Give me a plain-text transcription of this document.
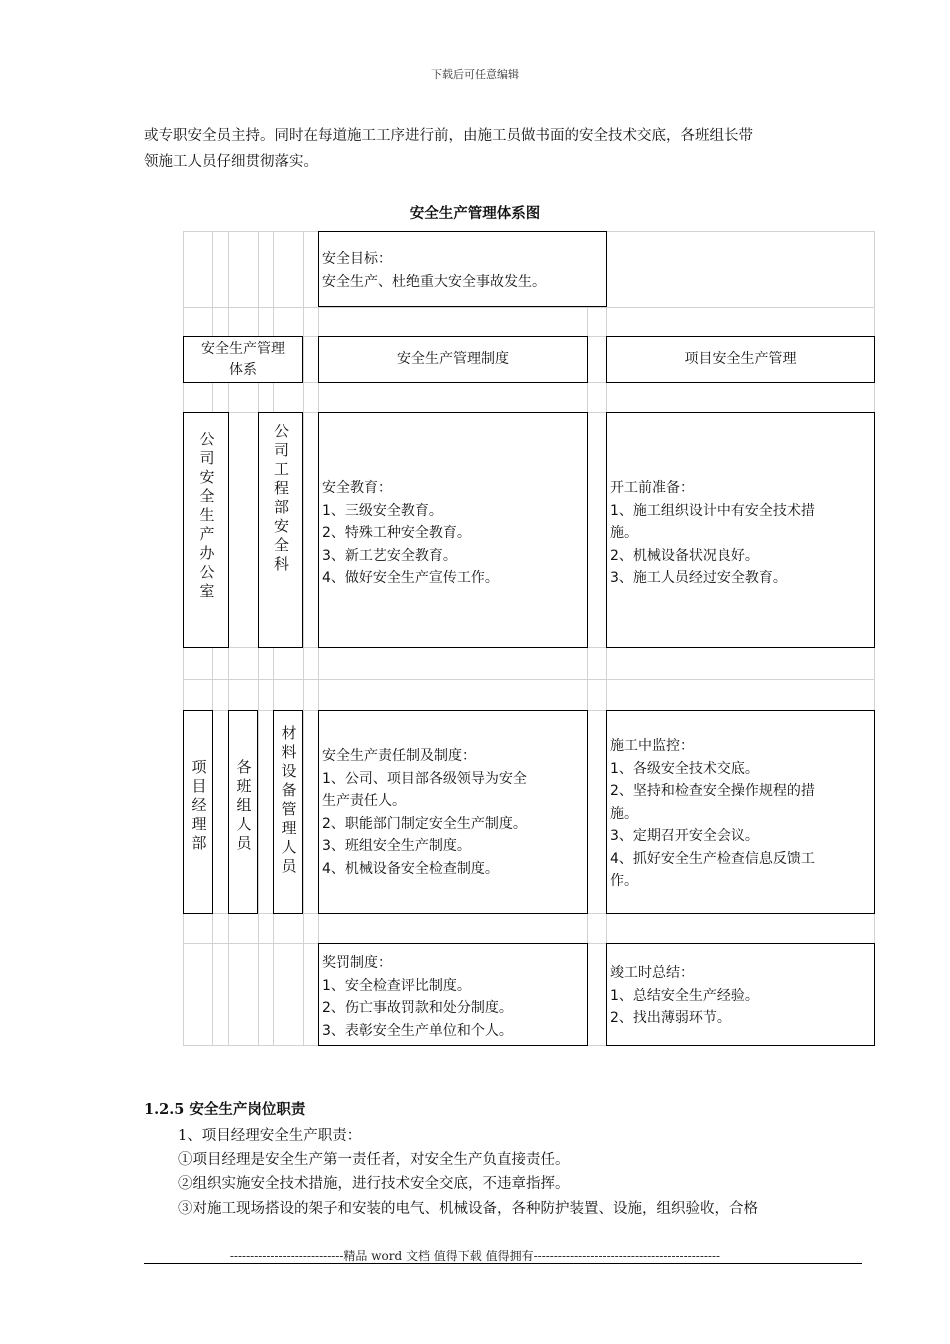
下载后可任意编辑
或专职安全员主持。同时在每道施工工序进行前，由施工员做书面的安全技术交底，各班组长带
领施工人员仔细贯彻落实。
安全生产管理体系图
安全目标：
安全生产、杜绝重大安全事故发生。
安全生产管理
体系
安全生产管理制度	项目安全生产管理
公司安全生产办公室	公司工程部安全科 安全教育：
1、三级安全教育。
2、特殊工种安全教育。
3、新工艺安全教育。
4、做好安全生产宣传工作。
开工前准备：
1、施工组织设计中有安全技术措
施。
2、机械设备状况良好。
3、施工人员经过安全教育。
项目经理部 各班组人员 材料设备管理人员 安全生产责任制及制度：
1、公司、项目部各级领导为安全
生产责任人。
2、职能部门制定安全生产制度。
3、班组安全生产制度。
4、机械设备安全检查制度。
施工中监控：
1、各级安全技术交底。
2、坚持和检查安全操作规程的措
施。
3、定期召开安全会议。
4、抓好安全生产检查信息反馈工
作。
奖罚制度：
1、安全检查评比制度。
2、伤亡事故罚款和处分制度。
3、表彰安全生产单位和个人。
竣工时总结：
1、总结安全生产经验。
2、找出薄弱环节。
1.2.5 安全生产岗位职责
1、项目经理安全生产职责：
①项目经理是安全生产第一责任者，对安全生产负直接责任。
②组织实施安全技术措施，进行技术安全交底，不违章指挥。
③对施工现场搭设的架子和安装的电气、机械设备，各种防护装置、设施，组织验收，合格
----------------------------精品 word 文档 值得下载 值得拥有----------------------------------------------
